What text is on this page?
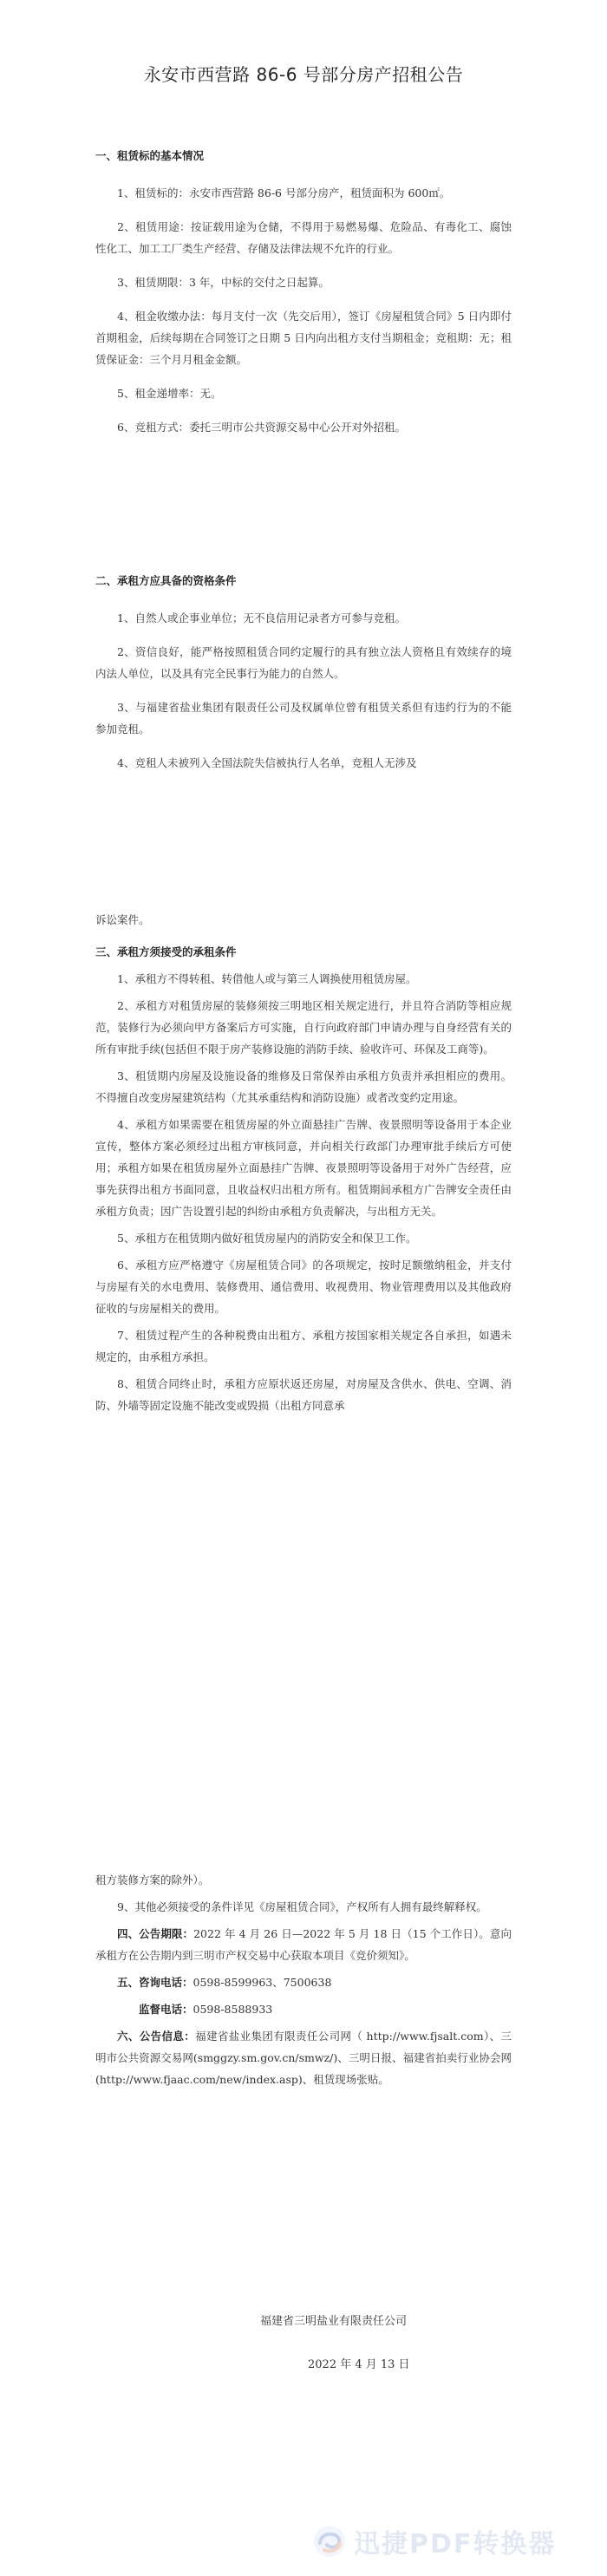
永安市西营路 86-6 号部分房产招租公告
一、租赁标的基本情况
1、租赁标的：永安市西营路 86-6 号部分房产，租赁面积为 600㎡。
2、租赁用途：按证载用途为仓储，不得用于易燃易爆、危险品、有毒化工、腐蚀性化工、加工工厂类生产经营、存储及法律法规不允许的行业。
3、租赁期限：3 年，中标的交付之日起算。
4、租金收缴办法：每月支付一次（先交后用），签订《房屋租赁合同》5 日内即付首期租金，后续每期在合同签订之日期 5 日内向出租方支付当期租金；竞租期：无；租赁保证金：三个月月租金金额。
5、租金递增率：无。
6、竞租方式：委托三明市公共资源交易中心公开对外招租。
二、承租方应具备的资格条件
1、自然人或企事业单位；无不良信用记录者方可参与竞租。
2、资信良好，能严格按照租赁合同约定履行的具有独立法人资格且有效续存的境内法人单位，以及具有完全民事行为能力的自然人。
3、与福建省盐业集团有限责任公司及权属单位曾有租赁关系但有违约行为的不能参加竞租。
4、竞租人未被列入全国法院失信被执行人名单，竞租人无涉及
诉讼案件。
三、承租方须接受的承租条件
1、承租方不得转租、转借他人或与第三人调换使用租赁房屋。
2、承租方对租赁房屋的装修须按三明地区相关规定进行，并且符合消防等相应规范，装修行为必须向甲方备案后方可实施，自行向政府部门申请办理与自身经营有关的所有审批手续(包括但不限于房产装修设施的消防手续、验收许可、环保及工商等)。
3、租赁期内房屋及设施设备的维修及日常保养由承租方负责并承担相应的费用。不得擅自改变房屋建筑结构（尤其承重结构和消防设施）或者改变约定用途。
4、承租方如果需要在租赁房屋的外立面悬挂广告牌、夜景照明等设备用于本企业宣传，整体方案必须经过出租方审核同意，并向相关行政部门办理审批手续后方可使用；承租方如果在租赁房屋外立面悬挂广告牌、夜景照明等设备用于对外广告经营，应事先获得出租方书面同意，且收益权归出租方所有。租赁期间承租方广告牌安全责任由承租方负责；因广告设置引起的纠纷由承租方负责解决，与出租方无关。
5、承租方在租赁期内做好租赁房屋内的消防安全和保卫工作。
6、承租方应严格遵守《房屋租赁合同》的各项规定，按时足额缴纳租金，并支付与房屋有关的水电费用、装修费用、通信费用、收视费用、物业管理费用以及其他政府征收的与房屋相关的费用。
7、租赁过程产生的各种税费由出租方、承租方按国家相关规定各自承担，如遇未规定的，由承租方承担。
8、租赁合同终止时，承租方应原状返还房屋，对房屋及含供水、供电、空调、消防、外墙等固定设施不能改变或毁损（出租方同意承
租方装修方案的除外）。
9、其他必须接受的条件详见《房屋租赁合同》，产权所有人拥有最终解释权。
四、公告期限：2022 年 4 月 26 日—2022 年 5 月 18 日（15 个工作日）。意向承租方在公告期内到三明市产权交易中心获取本项目《竞价须知》。
五、咨询电话：0598-8599963、7500638
监督电话：0598-8588933
六、公告信息：福建省盐业集团有限责任公司网（ http://www.fjsalt.com）、三明市公共资源交易网(smggzy.sm.gov.cn/smwz/)、三明日报、福建省拍卖行业协会网(http://www.fjaac.com/new/index.asp)、租赁现场张贴。
福建省三明盐业有限责任公司
2022 年 4 月 13 日
迅捷PDF转换器
